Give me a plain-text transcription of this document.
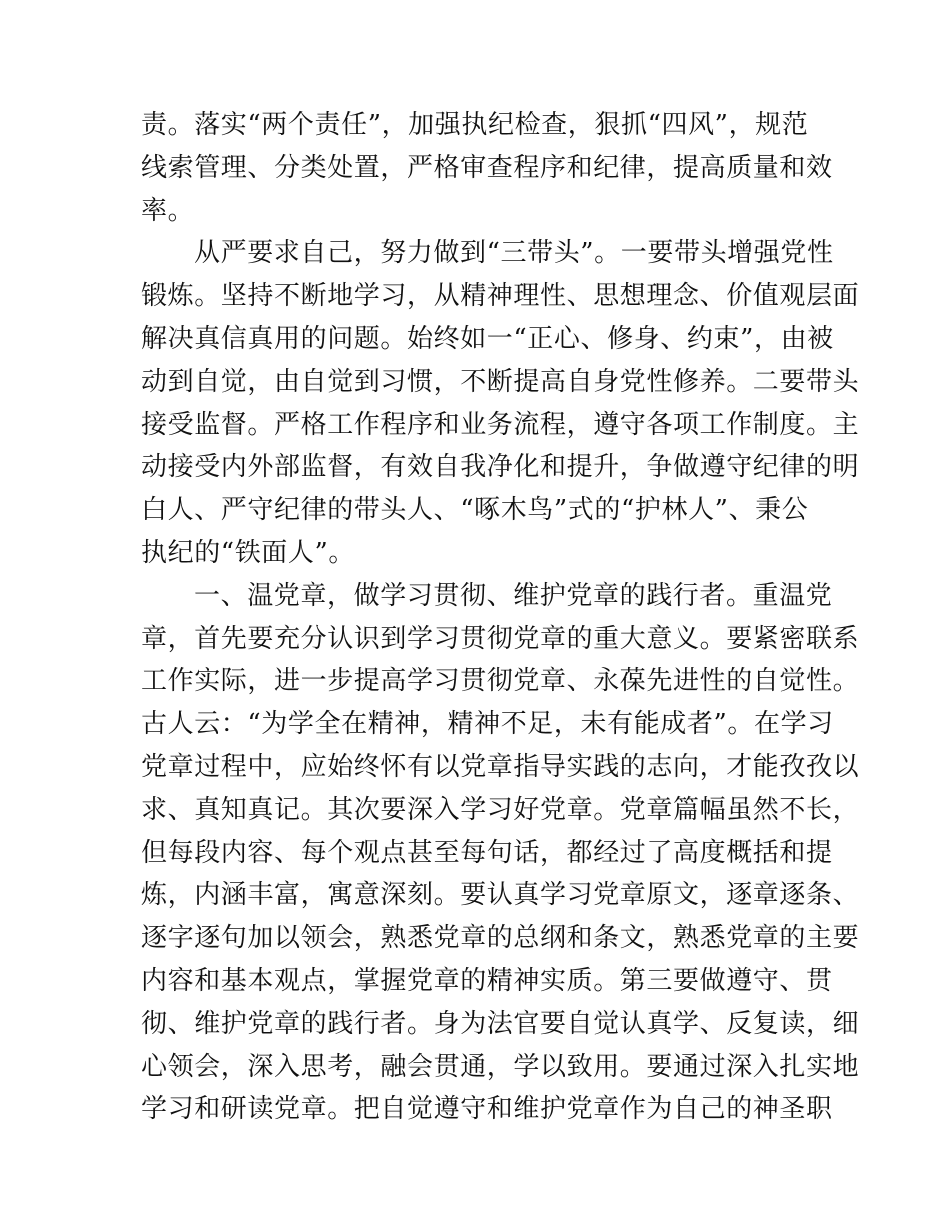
责。落实“两个责任”，加强执纪检查，狠抓“四风”，规范
线索管理、分类处置，严格审查程序和纪律，提高质量和效
率。
从严要求自己，努力做到“三带头”。一要带头增强党性
锻炼。坚持不断地学习，从精神理性、思想理念、价值观层面
解决真信真用的问题。始终如一“正心、修身、约束”，由被
动到自觉，由自觉到习惯，不断提高自身党性修养。二要带头
接受监督。严格工作程序和业务流程，遵守各项工作制度。主
动接受内外部监督，有效自我净化和提升，争做遵守纪律的明
白人、严守纪律的带头人、“啄木鸟”式的“护林人”、秉公
执纪的“铁面人”。
一、温党章，做学习贯彻、维护党章的践行者。重温党
章，首先要充分认识到学习贯彻党章的重大意义。要紧密联系
工作实际，进一步提高学习贯彻党章、永葆先进性的自觉性。
古人云：“为学全在精神，精神不足，未有能成者”。在学习
党章过程中，应始终怀有以党章指导实践的志向，才能孜孜以
求、真知真记。其次要深入学习好党章。党章篇幅虽然不长，
但每段内容、每个观点甚至每句话，都经过了高度概括和提
炼，内涵丰富，寓意深刻。要认真学习党章原文，逐章逐条、
逐字逐句加以领会，熟悉党章的总纲和条文，熟悉党章的主要
内容和基本观点，掌握党章的精神实质。第三要做遵守、贯
彻、维护党章的践行者。身为法官要自觉认真学、反复读，细
心领会，深入思考，融会贯通，学以致用。要通过深入扎实地
学习和研读党章。把自觉遵守和维护党章作为自己的神圣职
